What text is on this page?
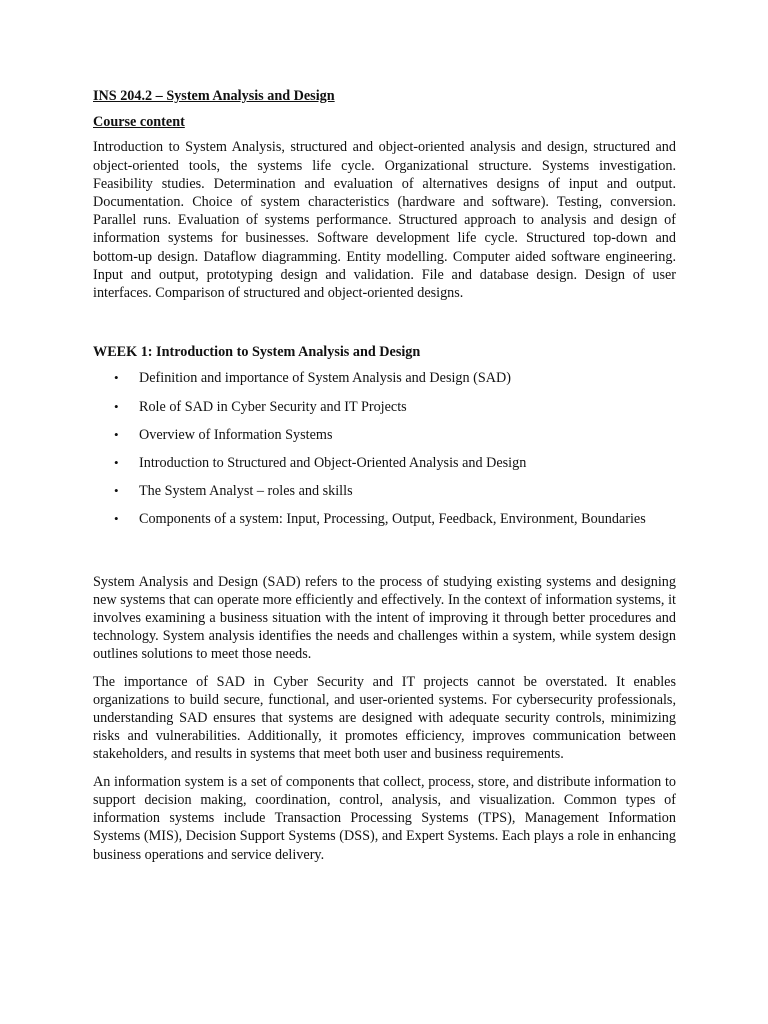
INS 204.2 – System Analysis and Design
Course content

Introduction to System Analysis, structured and object-oriented analysis and design, structured and object-oriented tools, the systems life cycle. Organizational structure. Systems investigation. Feasibility studies. Determination and evaluation of alternatives designs of input and output. Documentation. Choice of system characteristics (hardware and software). Testing, conversion. Parallel runs. Evaluation of systems performance. Structured approach to analysis and design of information systems for businesses. Software development life cycle. Structured top-down and bottom-up design. Dataflow diagramming. Entity modelling. Computer aided software engineering. Input and output, prototyping design and validation. File and database design. Design of user interfaces. Comparison of structured and object-oriented designs.

WEEK 1: Introduction to System Analysis and Design
• Definition and importance of System Analysis and Design (SAD)
• Role of SAD in Cyber Security and IT Projects
• Overview of Information Systems
• Introduction to Structured and Object-Oriented Analysis and Design
• The System Analyst – roles and skills
• Components of a system: Input, Processing, Output, Feedback, Environment, Boundaries

System Analysis and Design (SAD) refers to the process of studying existing systems and designing new systems that can operate more efficiently and effectively. In the context of information systems, it involves examining a business situation with the intent of improving it through better procedures and technology. System analysis identifies the needs and challenges within a system, while system design outlines solutions to meet those needs.

The importance of SAD in Cyber Security and IT projects cannot be overstated. It enables organizations to build secure, functional, and user-oriented systems. For cybersecurity professionals, understanding SAD ensures that systems are designed with adequate security controls, minimizing risks and vulnerabilities. Additionally, it promotes efficiency, improves communication between stakeholders, and results in systems that meet both user and business requirements.

An information system is a set of components that collect, process, store, and distribute information to support decision making, coordination, control, analysis, and visualization. Common types of information systems include Transaction Processing Systems (TPS), Management Information Systems (MIS), Decision Support Systems (DSS), and Expert Systems. Each plays a role in enhancing business operations and service delivery.
